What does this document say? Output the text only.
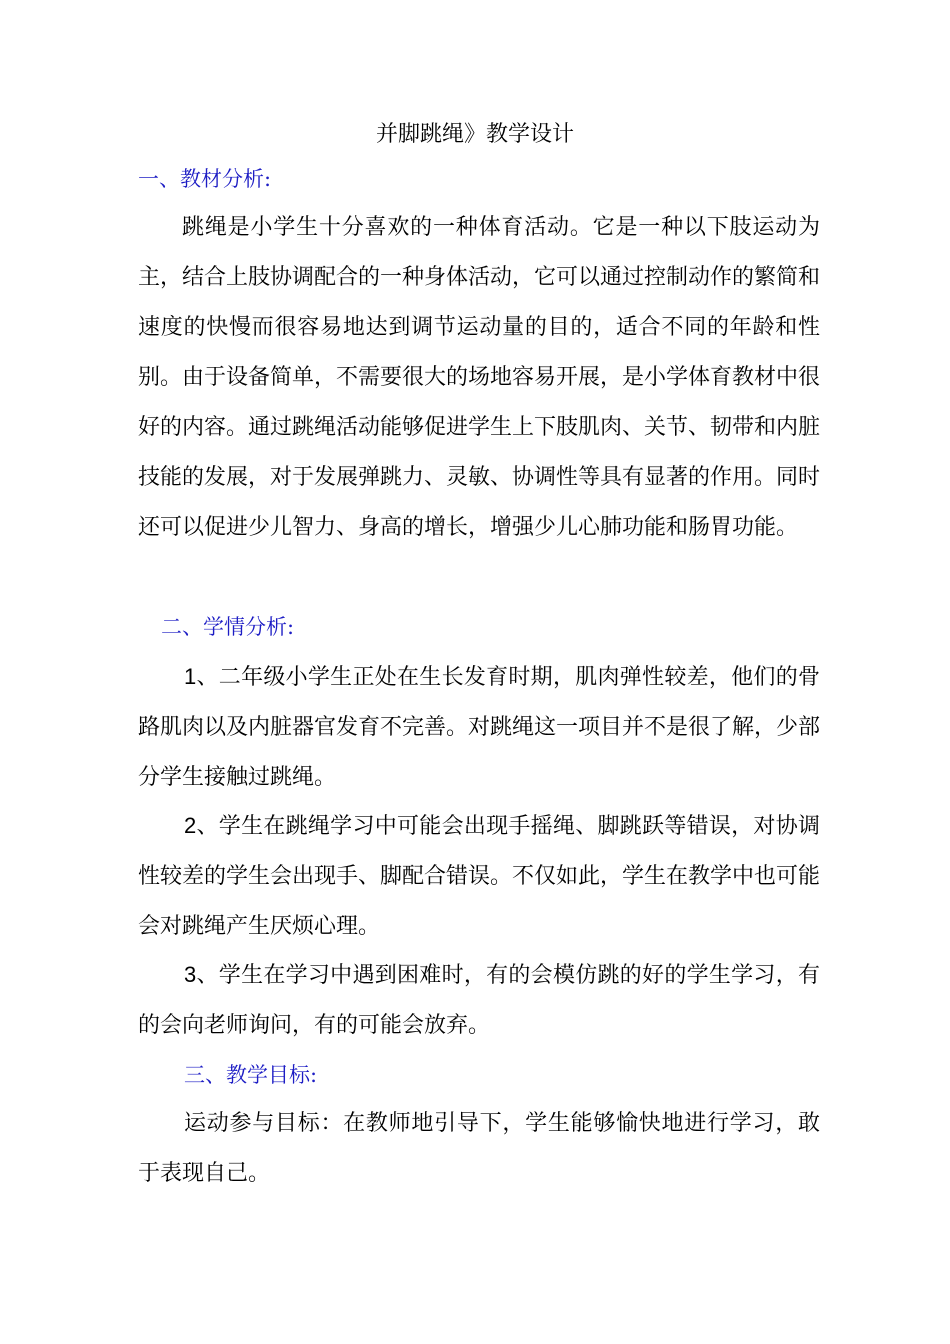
并脚跳绳》教学设计
一、教材分析:

跳绳是小学生十分喜欢的一种体育活动。它是一种以下肢运动为主，结合上肢协调配合的一种身体活动，它可以通过控制动作的繁简和速度的快慢而很容易地达到调节运动量的目的，适合不同的年龄和性别。由于设备简单，不需要很大的场地容易开展，是小学体育教材中很好的内容。通过跳绳活动能够促进学生上下肢肌肉、关节、韧带和内脏技能的发展，对于发展弹跳力、灵敏、协调性等具有显著的作用。同时还可以促进少儿智力、身高的增长，增强少儿心肺功能和肠胃功能。

二、学情分析:

1、二年级小学生正处在生长发育时期，肌肉弹性较差，他们的骨路肌肉以及内脏器官发育不完善。对跳绳这一项目并不是很了解，少部分学生接触过跳绳。

2、学生在跳绳学习中可能会出现手摇绳、脚跳跃等错误，对协调性较差的学生会出现手、脚配合错误。不仅如此，学生在教学中也可能会对跳绳产生厌烦心理。

3、学生在学习中遇到困难时，有的会模仿跳的好的学生学习，有的会向老师询问，有的可能会放弃。

三、教学目标:

运动参与目标：在教师地引导下，学生能够愉快地进行学习，敢于表现自己。
